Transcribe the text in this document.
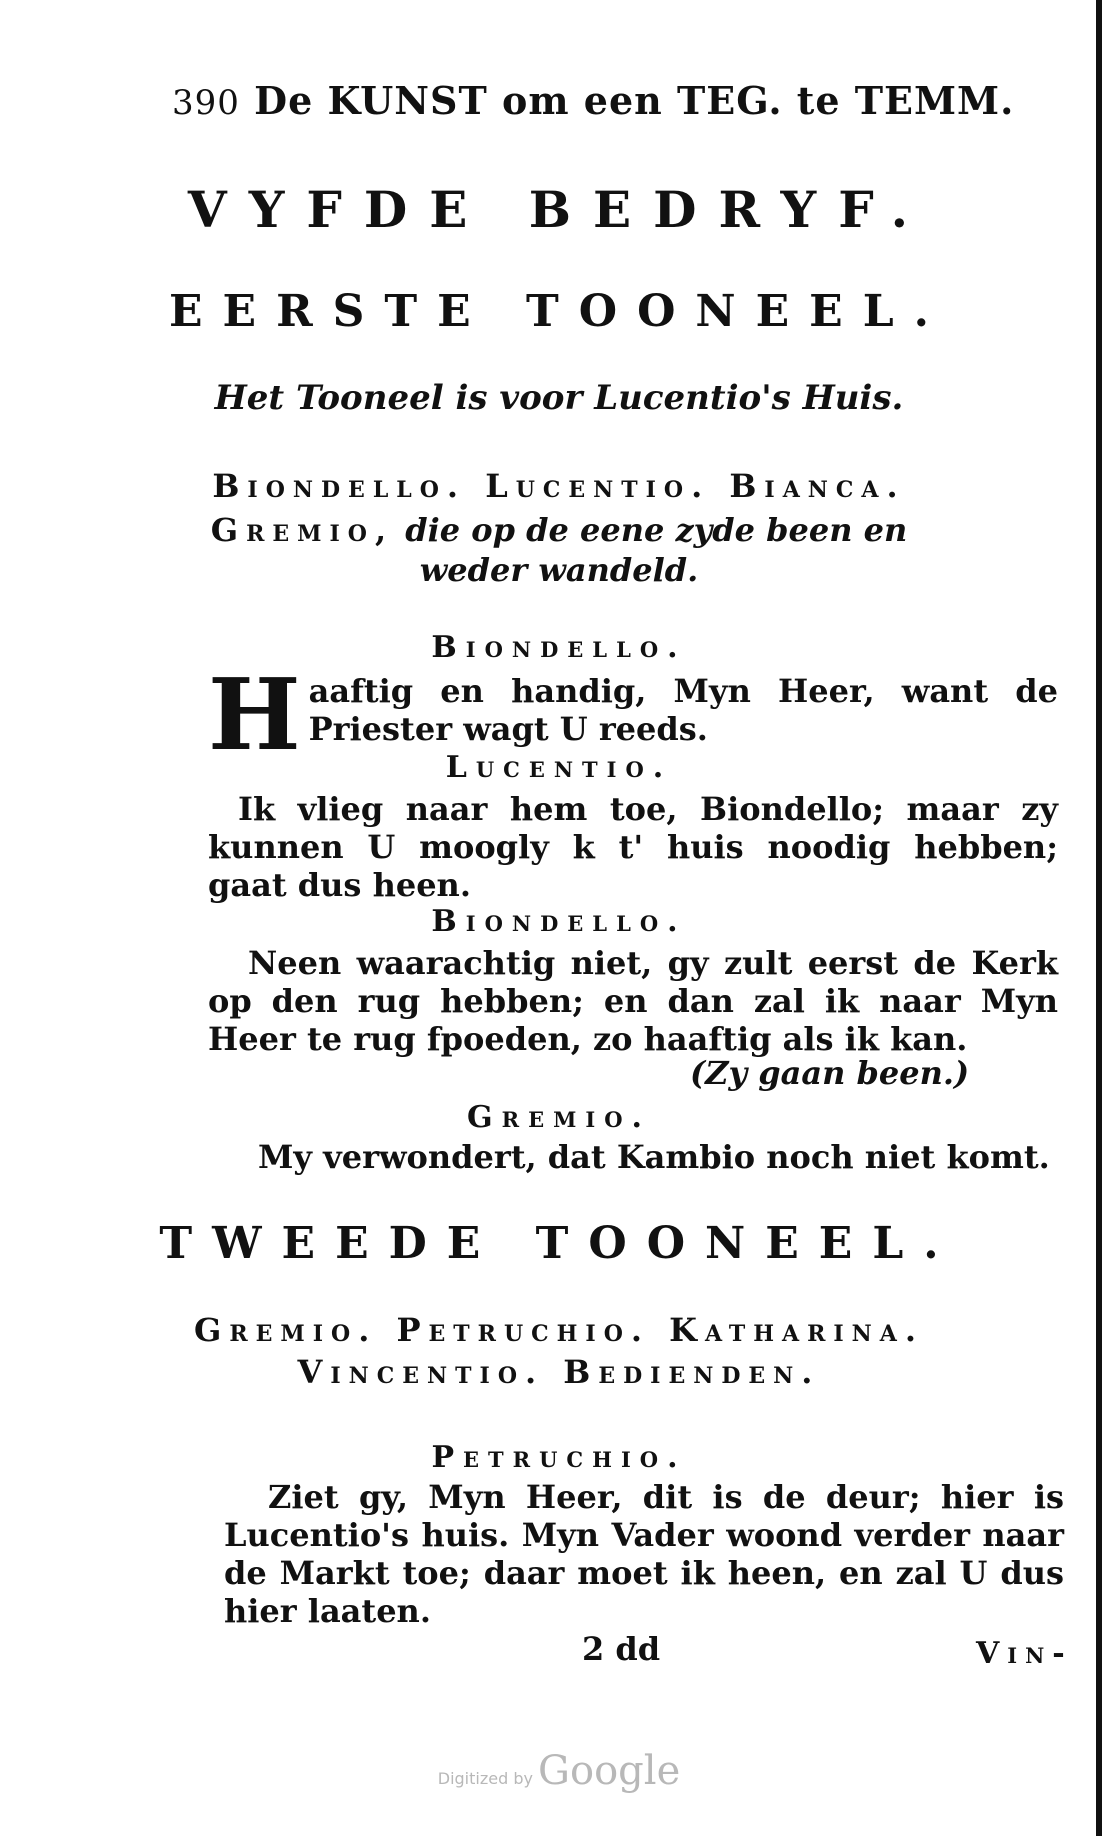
390 De KUNST om een TEG. te TEMM.
VYFDE BEDRYF.
EERSTE TOONEEL.
Het Tooneel is voor Lucentio's Huis.
Biondello. Lucentio. Bianca.
Gremio, die op de eene zyde been en
weder wandeld.
Biondello.
Haaftig en handig, Myn Heer, want de Priester wagt U reeds.
Lucentio.
Ik vlieg naar hem toe, Biondello; maar zy kunnen U moogly k t' huis noodig hebben; gaat dus heen.
Biondello.
Neen waarachtig niet, gy zult eerst de Kerk op den rug hebben; en dan zal ik naar Myn Heer te rug fpoeden, zo haaftig als ik kan.
(Zy gaan been.)
Gremio.
My verwondert, dat Kambio noch niet komt.
TWEEDE TOONEEL.
Gremio. Petruchio. Katharina.
Vincentio. Bedienden.
Petruchio.
Ziet gy, Myn Heer, dit is de deur; hier is Lucentio's huis. Myn Vader woond verder naar de Markt toe; daar moet ik heen, en zal U dus hier laaten.
2 dd	Vin-
Digitized by Google
